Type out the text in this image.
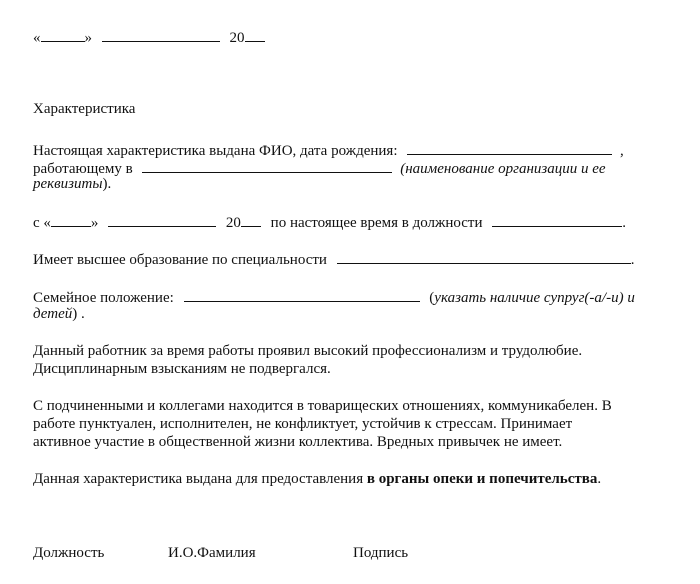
«	»	20
Характеристика
Настоящая характеристика выдана ФИО, дата рождения:	,
работающему в	(наименование организации и ее
реквизиты).
с «	»	20 по настоящее время в должности	.
Имеет высшее образование по специальности	.
Семейное положение:	(указать наличие супруг(-а/-и) и
детей) .
Данный работник за время работы проявил высокий профессионализм и трудолюбие.
Дисциплинарным взысканиям не подвергался.
С подчиненными и коллегами находится в товарищеских отношениях, коммуникабелен. В
работе пунктуален, исполнителен, не конфликтует, устойчив к стрессам. Принимает
активное участие в общественной жизни коллектива. Вредных привычек не имеет.
Данная характеристика выдана для предоставления в органы опеки и попечительства.
Должность	И.О.Фамилия	Подпись
